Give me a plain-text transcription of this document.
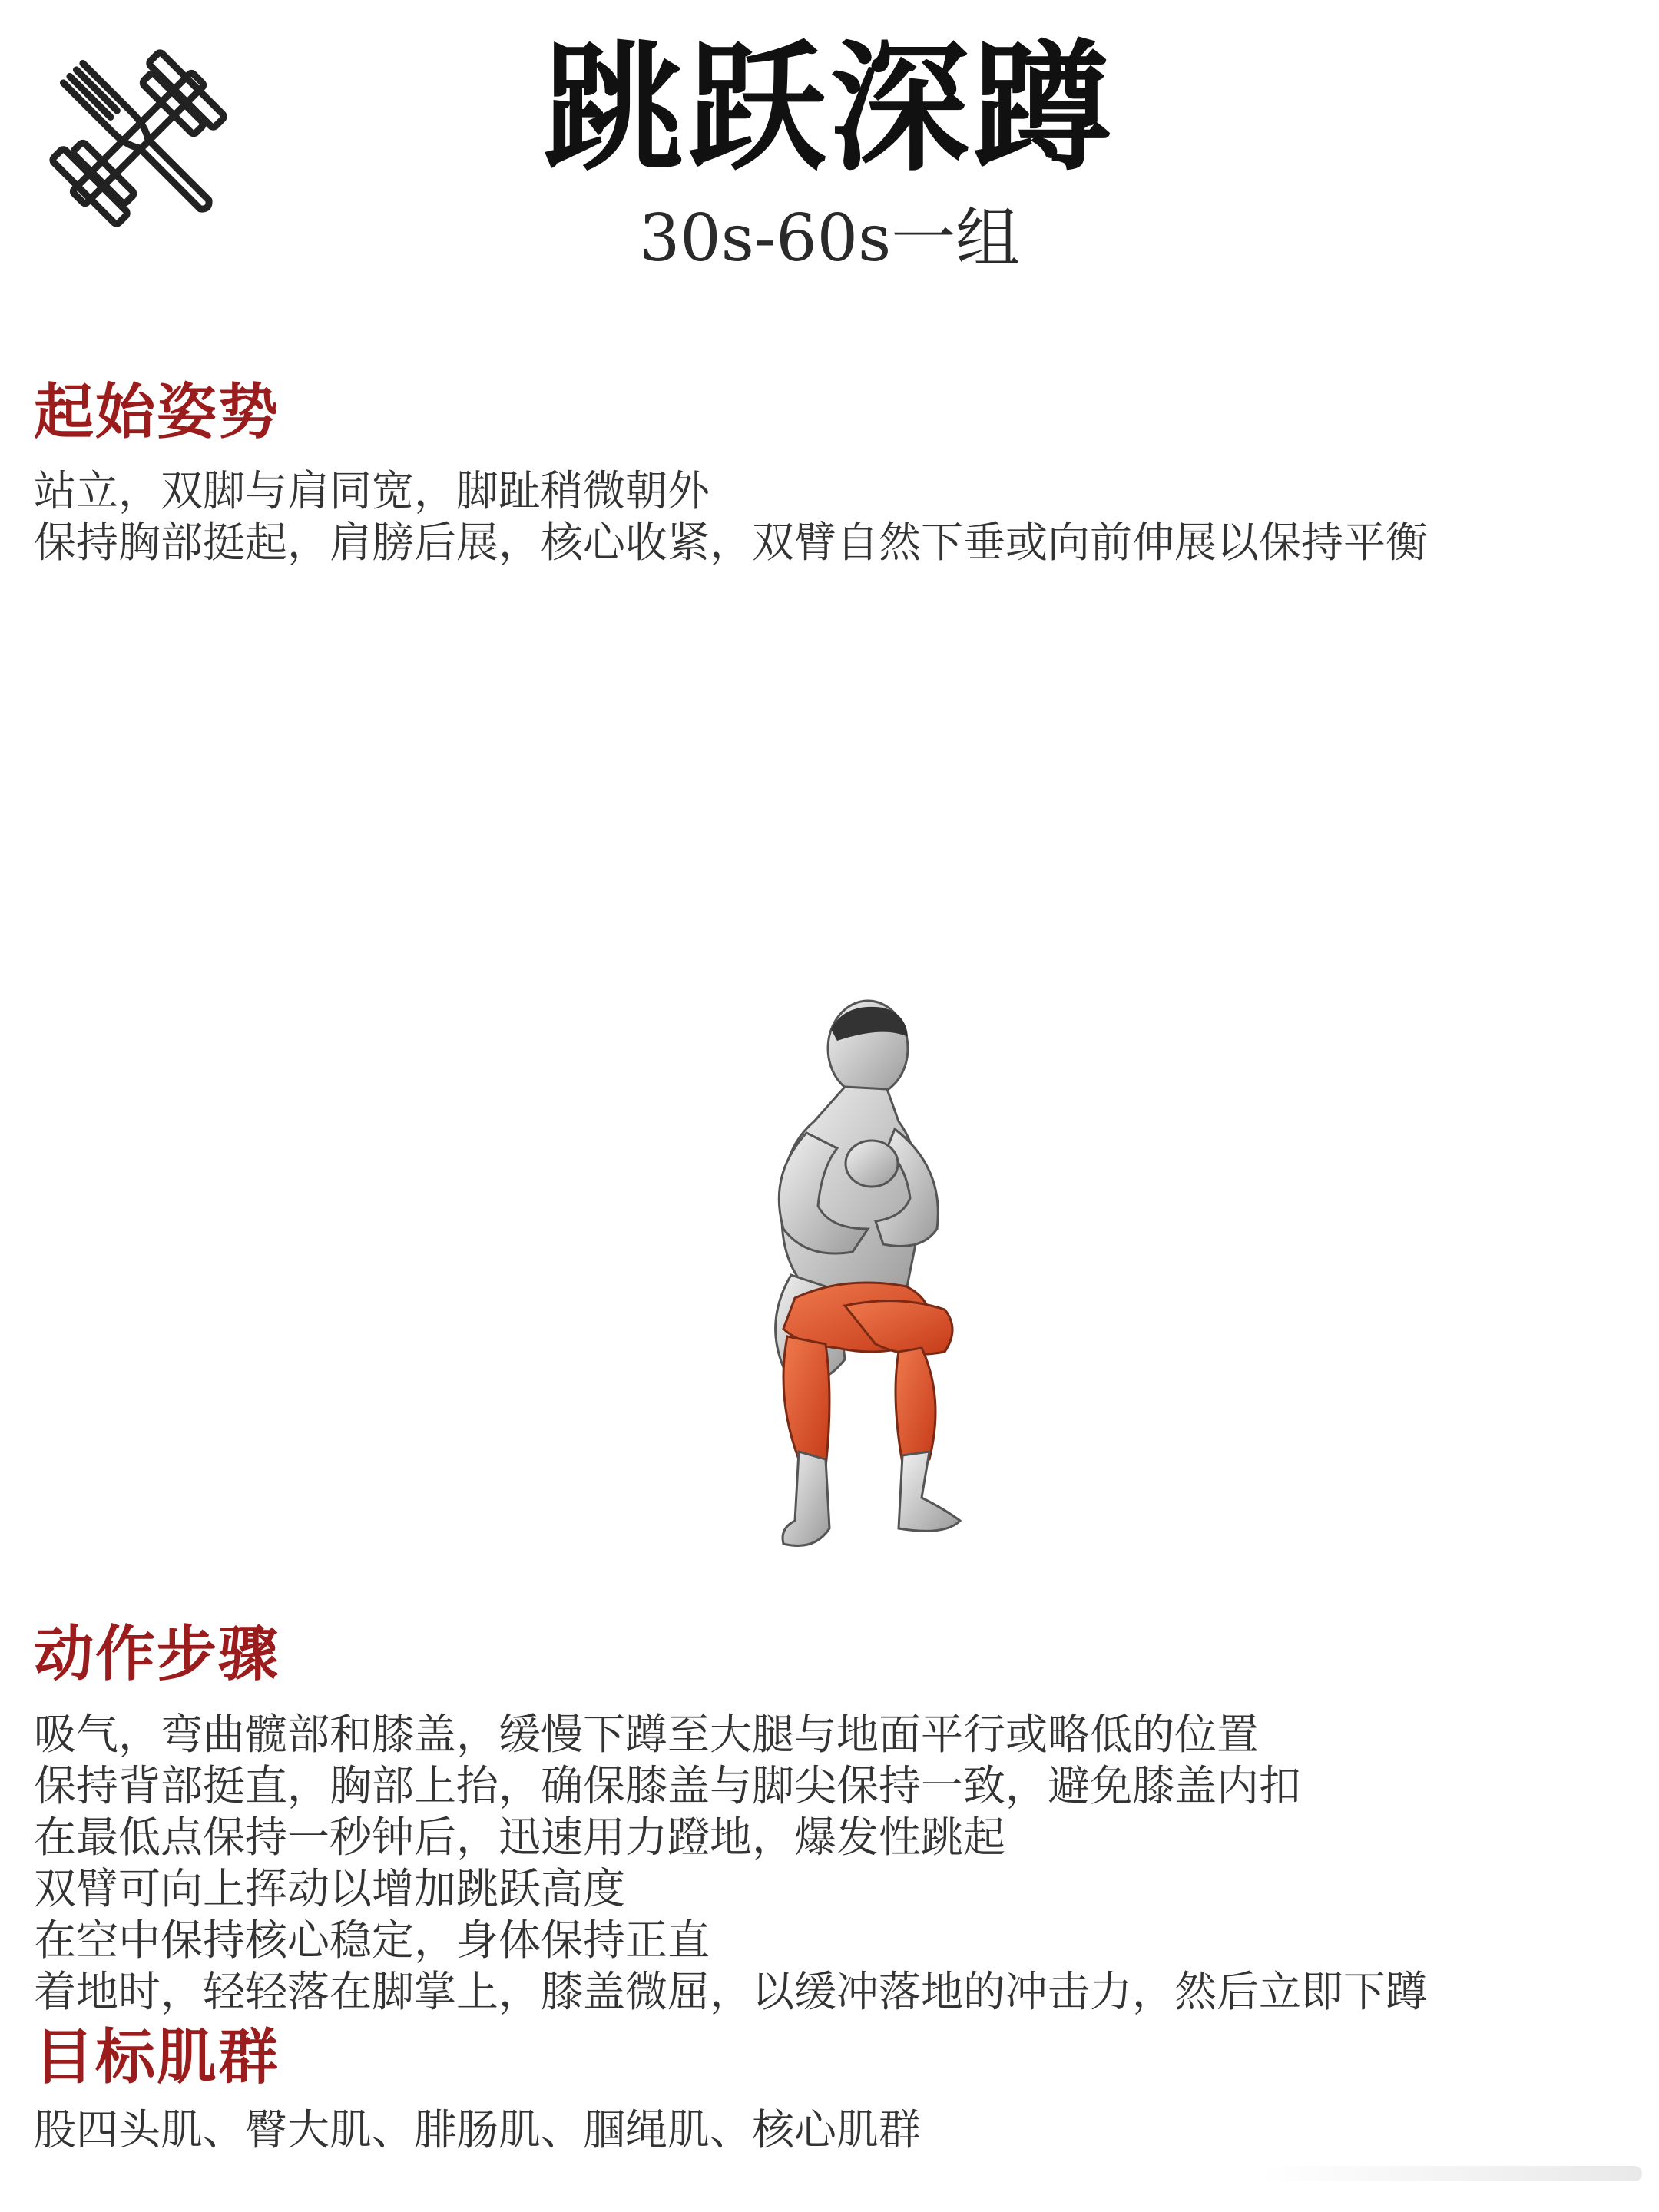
跳跃深蹲
30s-60s一组
起始姿势
站立，双脚与肩同宽，脚趾稍微朝外
保持胸部挺起，肩膀后展，核心收紧，双臂自然下垂或向前伸展以保持平衡
动作步骤
吸气，弯曲髋部和膝盖，缓慢下蹲至大腿与地面平行或略低的位置
保持背部挺直，胸部上抬，确保膝盖与脚尖保持一致，避免膝盖内扣
在最低点保持一秒钟后，迅速用力蹬地，爆发性跳起
双臂可向上挥动以增加跳跃高度
在空中保持核心稳定，身体保持正直
着地时，轻轻落在脚掌上，膝盖微屈，以缓冲落地的冲击力，然后立即下蹲
目标肌群
股四头肌、臀大肌、腓肠肌、腘绳肌、核心肌群
